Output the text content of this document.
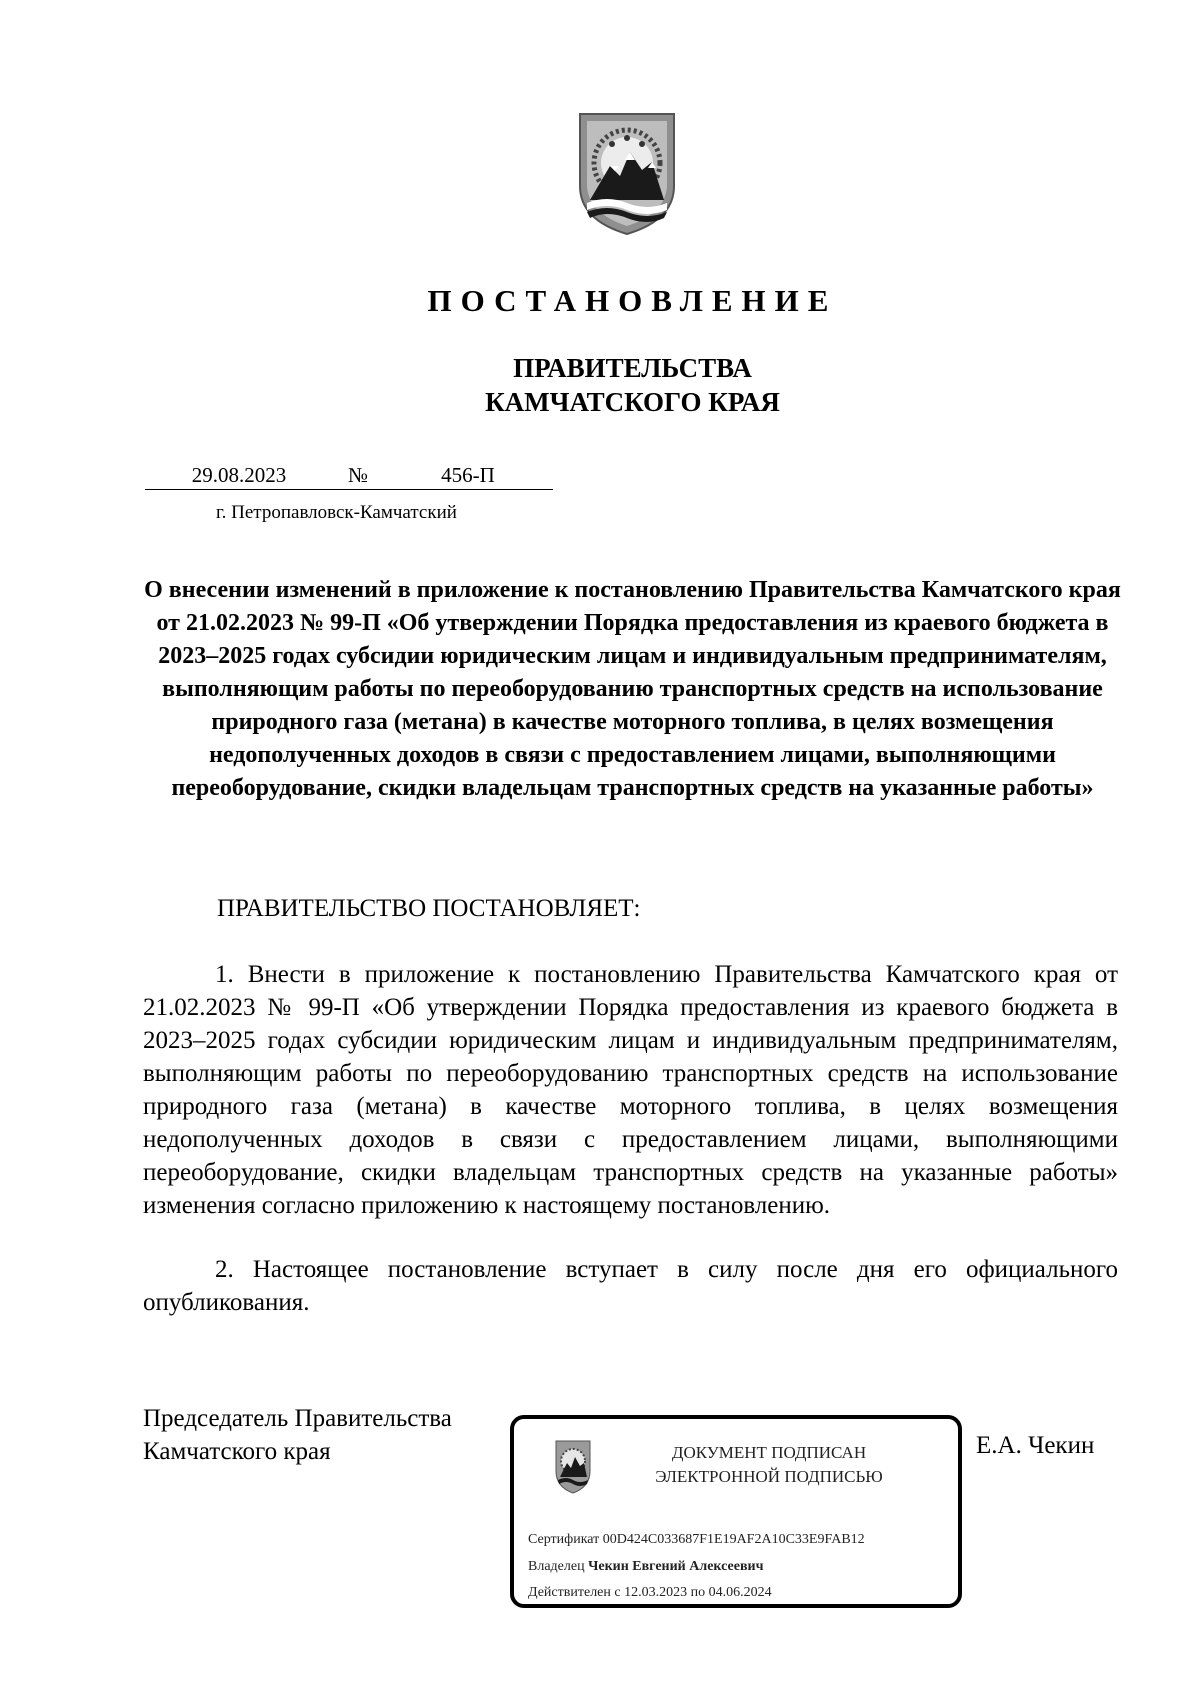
ПОСТАНОВЛЕНИЕ
ПРАВИТЕЛЬСТВА
КАМЧАТСКОГО КРАЯ
29.08.2023	№	456-П
г. Петропавловск-Камчатский
О внесении изменений в приложение к постановлению Правительства Камчатского края от 21.02.2023 № 99-П «Об утверждении Порядка предоставления из краевого бюджета в 2023–2025 годах субсидии юридическим лицам и индивидуальным предпринимателям, выполняющим работы по переоборудованию транспортных средств на использование природного газа (метана) в качестве моторного топлива, в целях возмещения недополученных доходов в связи с предоставлением лицами, выполняющими переоборудование, скидки владельцам транспортных средств на указанные работы»
ПРАВИТЕЛЬСТВО ПОСТАНОВЛЯЕТ:

1. Внести в приложение к постановлению Правительства Камчатского края от 21.02.2023 № 99-П «Об утверждении Порядка предоставления из краевого бюджета в 2023–2025 годах субсидии юридическим лицам и индивидуальным предпринимателям, выполняющим работы по переоборудованию транспортных средств на использование природного газа (метана) в качестве моторного топлива, в целях возмещения недополученных доходов в связи с предоставлением лицами, выполняющими переоборудование, скидки владельцам транспортных средств на указанные работы» изменения согласно приложению к настоящему постановлению.

2. Настоящее постановление вступает в силу после дня его официального опубликования.

Председатель Правительства
Камчатского края	Е.А. Чекин
ДОКУМЕНТ ПОДПИСАН
ЭЛЕКТРОННОЙ ПОДПИСЬЮ
Сертификат 00D424C033687F1E19AF2A10C33E9FAB12
Владелец Чекин Евгений Алексеевич
Действителен с 12.03.2023 по 04.06.2024
